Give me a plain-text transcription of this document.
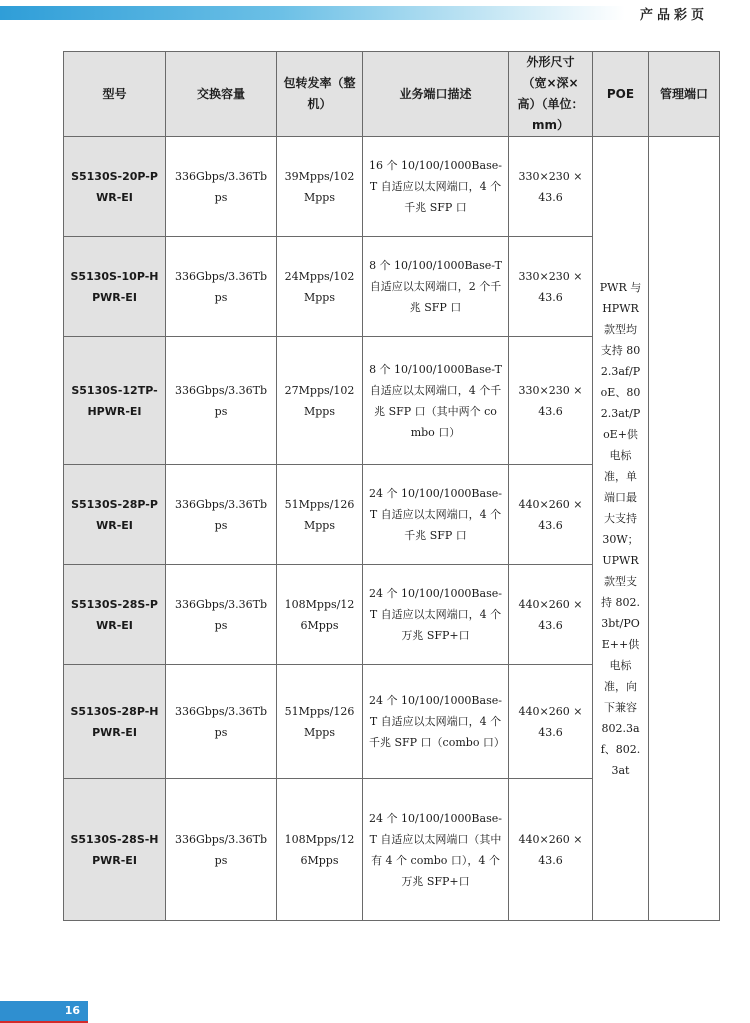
产品彩页
型号	交换容量	包转发率（整机）	业务端口描述	外形尺寸（宽×深×高）（单位：mm）	POE	管理端口
S5130S-20P-PWR-EI	336Gbps/3.36Tbps	39Mpps/102Mpps	16 个 10/100/1000Base-T 自适应以太网端口，4 个千兆 SFP 口	330×230 × 43.6	PWR 与 HPWR 款型均支持 802.3af/PoE、802.3at/PoE+供电标准，单端口最大支持 30W；UPWR 款型支持 802.3bt/POE++供电标准，向下兼容 802.3af、802.3at	
S5130S-10P-HPWR-EI	336Gbps/3.36Tbps	24Mpps/102Mpps	8 个 10/100/1000Base-T 自适应以太网端口，2 个千兆 SFP 口	330×230 × 43.6		
S5130S-12TP-HPWR-EI	336Gbps/3.36Tbps	27Mpps/102Mpps	8 个 10/100/1000Base-T 自适应以太网端口，4 个千兆 SFP 口（其中两个 combo 口）	330×230 × 43.6		
S5130S-28P-PWR-EI	336Gbps/3.36Tbps	51Mpps/126Mpps	24 个 10/100/1000Base-T 自适应以太网端口，4 个千兆 SFP 口	440×260 × 43.6		
S5130S-28S-PWR-EI	336Gbps/3.36Tbps	108Mpps/126Mpps	24 个 10/100/1000Base-T 自适应以太网端口，4 个万兆 SFP+口	440×260 × 43.6		
S5130S-28P-HPWR-EI	336Gbps/3.36Tbps	51Mpps/126Mpps	24 个 10/100/1000Base-T 自适应以太网端口，4 个千兆 SFP 口（combo 口）	440×260 × 43.6		
S5130S-28S-HPWR-EI	336Gbps/3.36Tbps	108Mpps/126Mpps	24 个 10/100/1000Base-T 自适应以太网端口（其中有 4 个 combo 口），4 个万兆 SFP+口	440×260 × 43.6		
16
